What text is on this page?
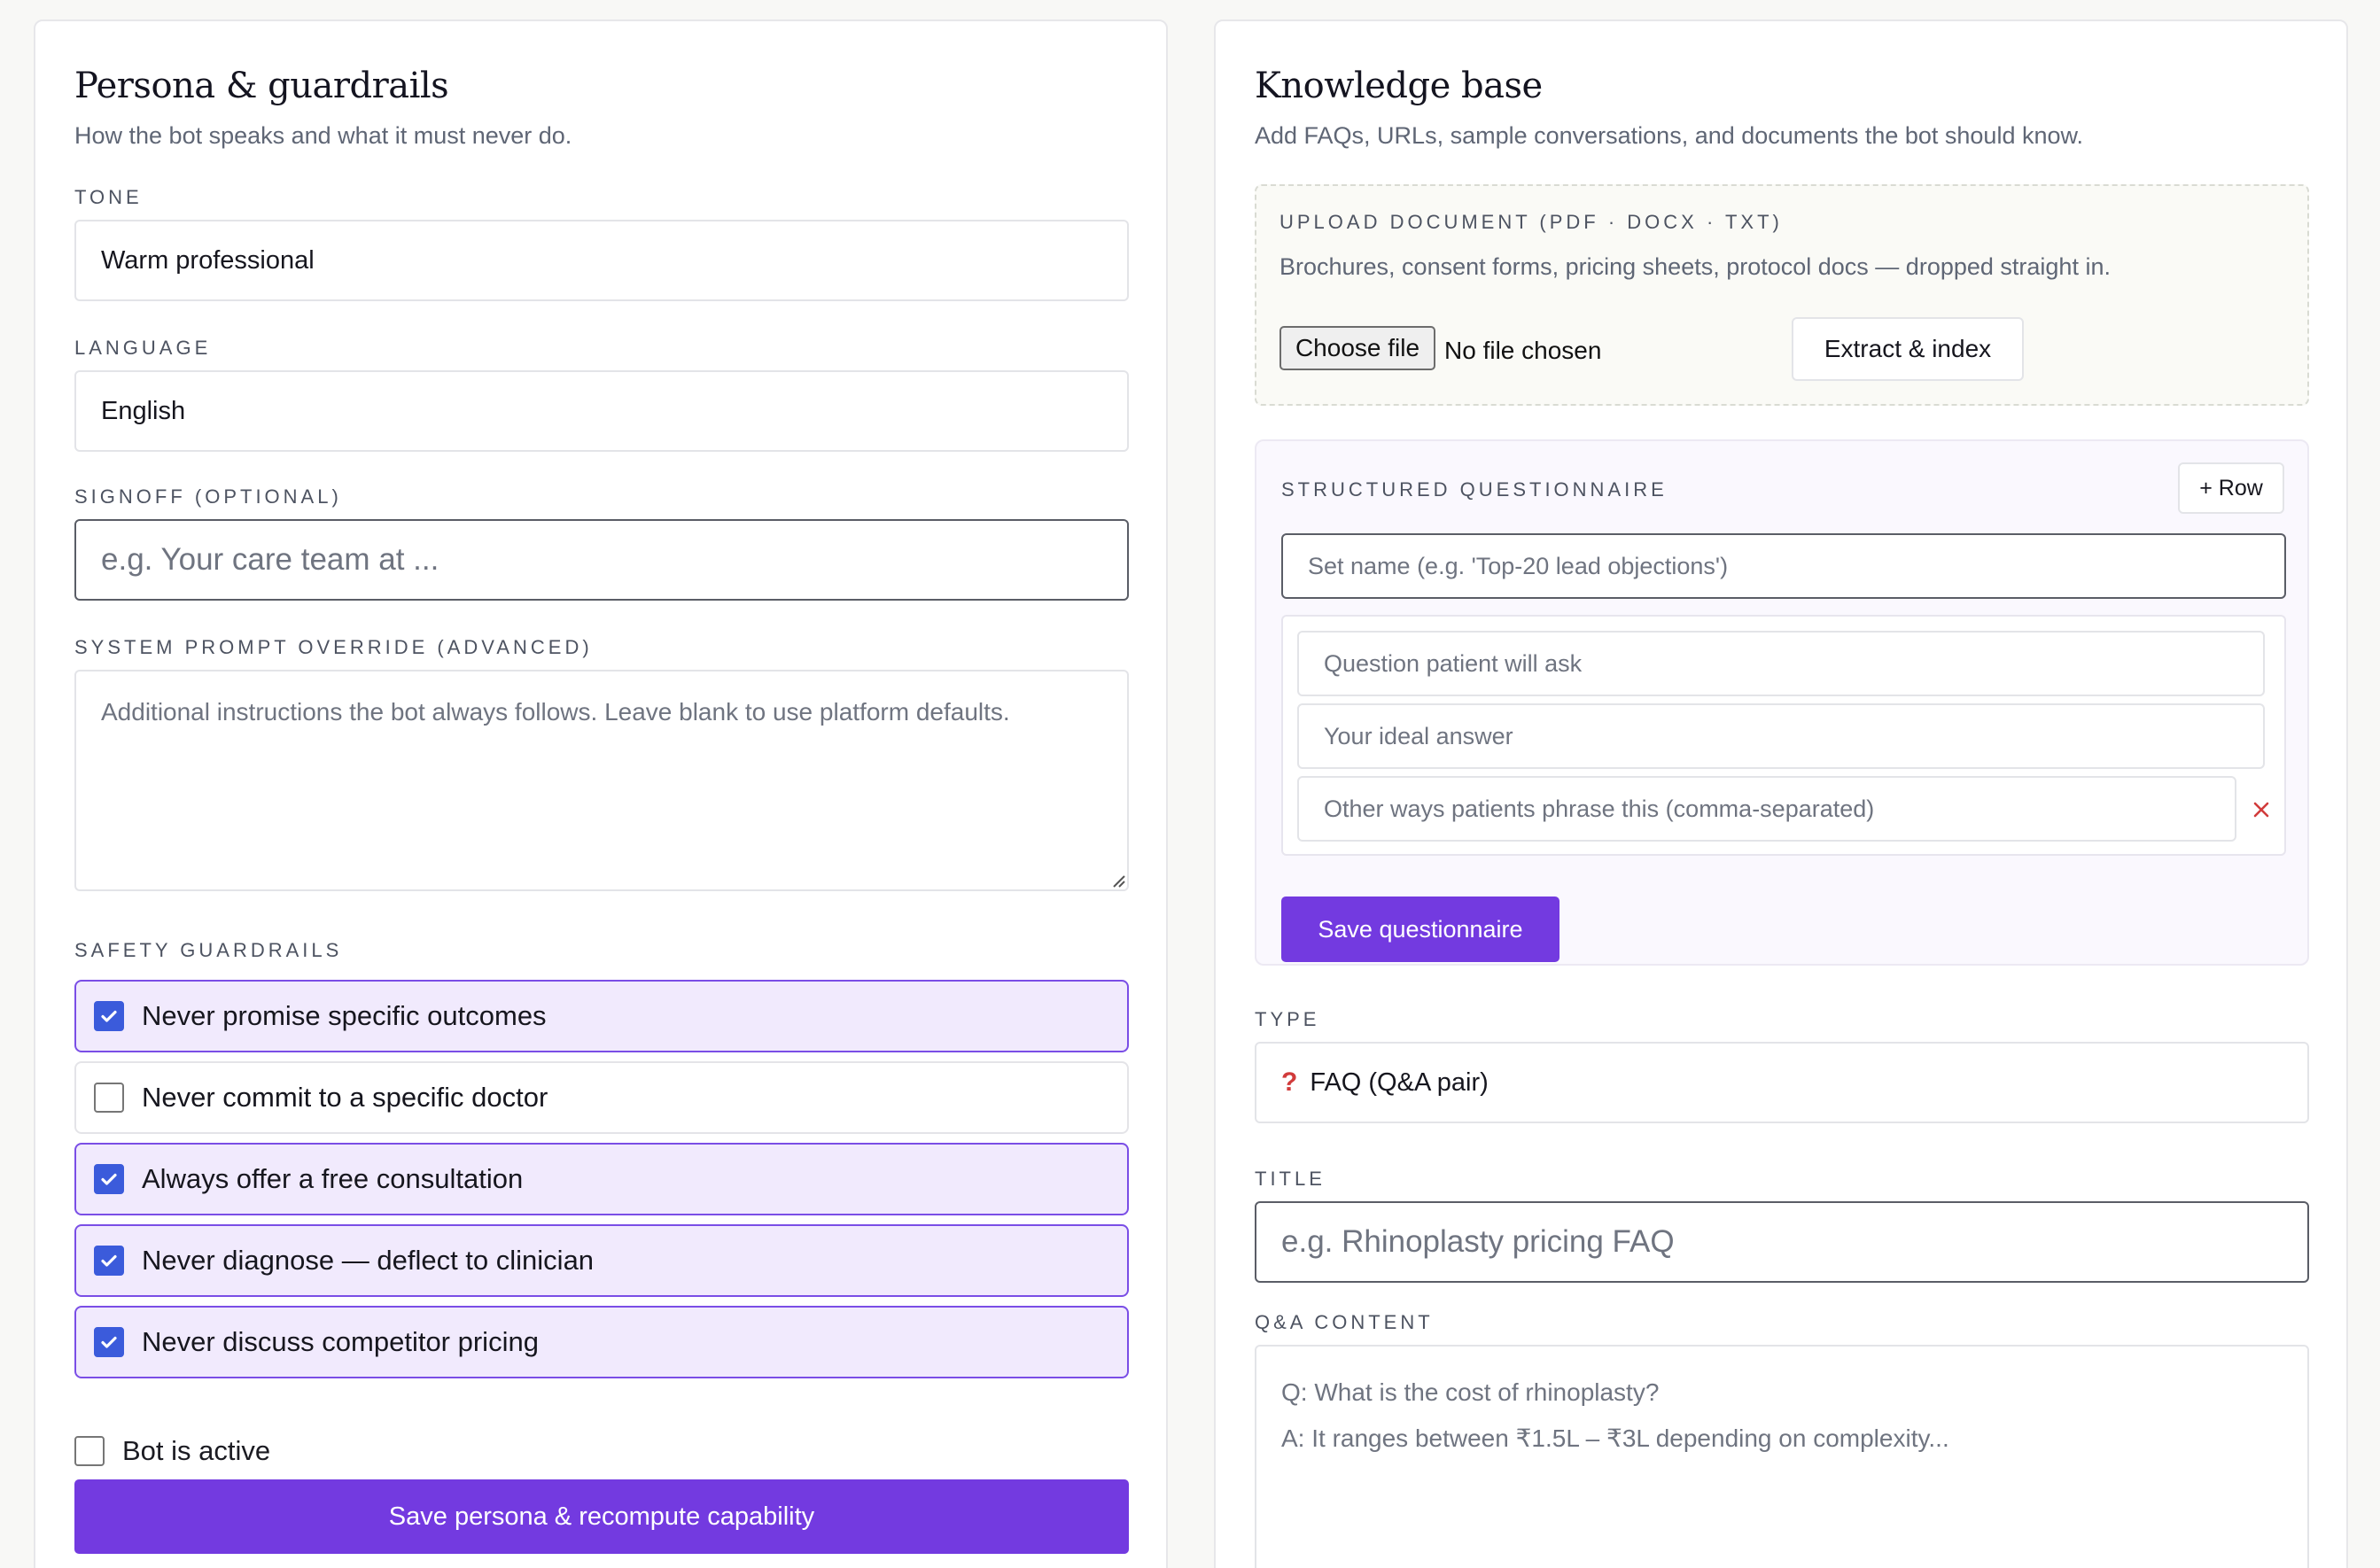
Persona & guardrails
How the bot speaks and what it must never do.
TONE
Warm professional
LANGUAGE
English
SIGNOFF (OPTIONAL)
e.g. Your care team at ...
SYSTEM PROMPT OVERRIDE (ADVANCED)
Additional instructions the bot always follows. Leave blank to use platform defaults.
SAFETY GUARDRAILS
Never promise specific outcomes
Never commit to a specific doctor
Always offer a free consultation
Never diagnose — deflect to clinician
Never discuss competitor pricing
Bot is active
Save persona & recompute capability
Knowledge base
Add FAQs, URLs, sample conversations, and documents the bot should know.
UPLOAD DOCUMENT (PDF · DOCX · TXT)
Brochures, consent forms, pricing sheets, protocol docs — dropped straight in.
Choose file No file chosen	Extract & index
STRUCTURED QUESTIONNAIRE	+ Row
Set name (e.g. 'Top-20 lead objections')
Question patient will ask
Your ideal answer
Other ways patients phrase this (comma-separated)
Save questionnaire
TYPE
? FAQ (Q&A pair)
TITLE
e.g. Rhinoplasty pricing FAQ
Q&A CONTENT
Q: What is the cost of rhinoplasty?
A: It ranges between ₹1.5L – ₹3L depending on complexity...
